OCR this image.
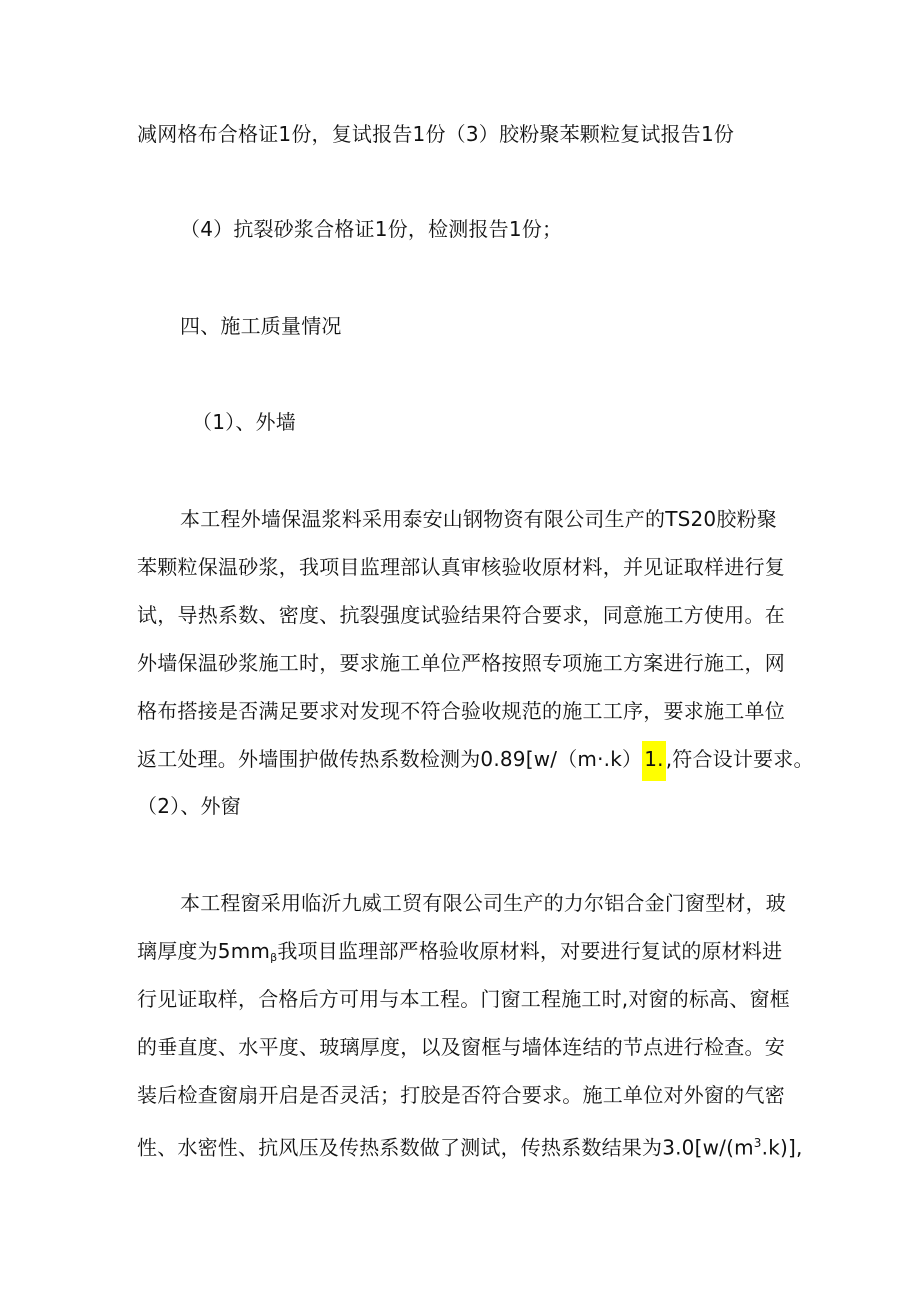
减网格布合格证1份，复试报告1份（3）胶粉聚苯颗粒复试报告1份
（4）抗裂砂浆合格证1份，检测报告1份；
四、施工质量情况
（1）、外墙
本工程外墙保温浆料采用泰安山钢物资有限公司生产的TS20胶粉聚
苯颗粒保温砂浆，我项目监理部认真审核验收原材料，并见证取样进行复
试，导热系数、密度、抗裂强度试验结果符合要求，同意施工方使用。在
外墙保温砂浆施工时，要求施工单位严格按照专项施工方案进行施工，网
格布搭接是否满足要求对发现不符合验收规范的施工工序，要求施工单位
返工处理。外墙围护做传热系数检测为0.89[w/（m·.k） 1. ,符合设计要求。
（2）、外窗
本工程窗采用临沂九威工贸有限公司生产的力尔铝合金门窗型材，玻
璃厚度为$5mm_\beta$我项目监理部严格验收原材料，对要进行复试的原材料进
行见证取样，合格后方可用与本工程。门窗工程施工时,对窗的标高、窗框
的垂直度、水平度、玻璃厚度，以及窗框与墙体连结的节点进行检查。安
装后检查窗扇开启是否灵活；打胶是否符合要求。施工单位对外窗的气密
性、水密性、抗风压及传热系数做了测试，传热系数结果为$3.0[w/(m^3.k)]$,
